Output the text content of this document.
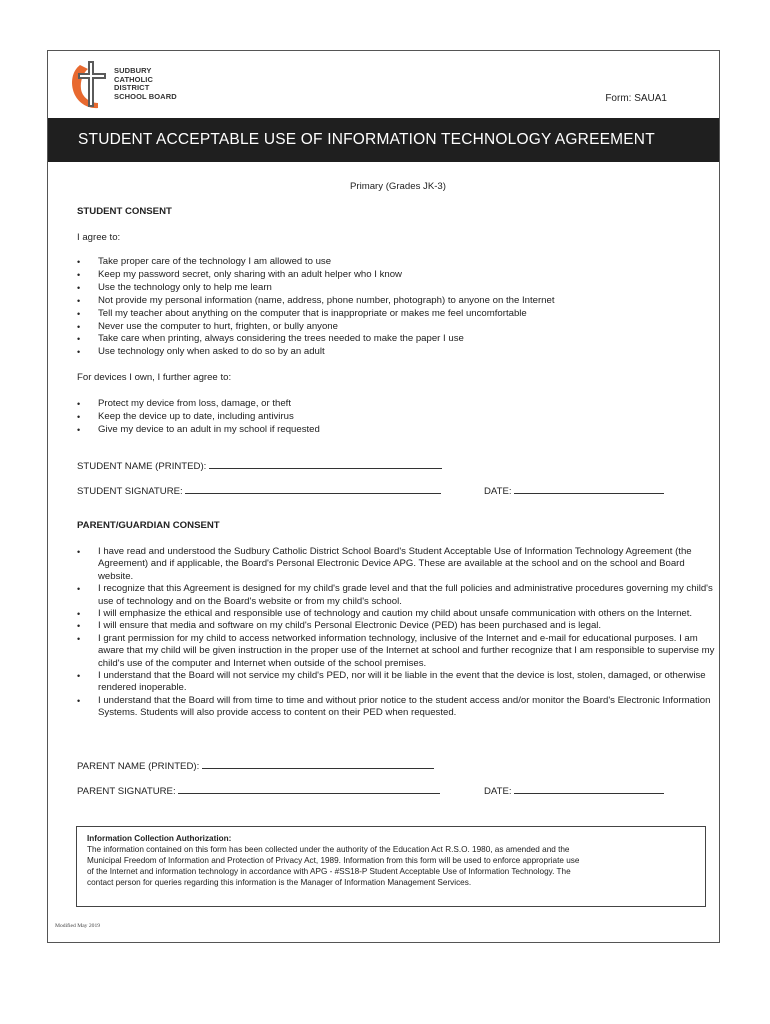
SUDBURY
CATHOLIC
DISTRICT
SCHOOL BOARD	Form: SAUA1
STUDENT ACCEPTABLE USE OF INFORMATION TECHNOLOGY AGREEMENT
Primary (Grades JK-3)
STUDENT CONSENT
I agree to:
• Take proper care of the technology I am allowed to use
• Keep my password secret, only sharing with an adult helper who I know
• Use the technology only to help me learn
• Not provide my personal information (name, address, phone number, photograph) to anyone on the Internet
• Tell my teacher about anything on the computer that is inappropriate or makes me feel uncomfortable
• Never use the computer to hurt, frighten, or bully anyone
• Take care when printing, always considering the trees needed to make the paper I use
• Use technology only when asked to do so by an adult
For devices I own, I further agree to:
• Protect my device from loss, damage, or theft
• Keep the device up to date, including antivirus
• Give my device to an adult in my school if requested
STUDENT NAME (PRINTED):
STUDENT SIGNATURE:	DATE:
PARENT/GUARDIAN CONSENT
• I have read and understood the Sudbury Catholic District School Board's Student Acceptable Use of Information Technology Agreement (the Agreement) and if applicable, the Board's Personal Electronic Device APG. These are available at the school and on the school and Board website.
• I recognize that this Agreement is designed for my child's grade level and that the full policies and administrative procedures governing my child's use of technology and on the Board's website or from my child's school.
• I will emphasize the ethical and responsible use of technology and caution my child about unsafe communication with others on the Internet.
• I will ensure that media and software on my child's Personal Electronic Device (PED) has been purchased and is legal.
• I grant permission for my child to access networked information technology, inclusive of the Internet and e-mail for educational purposes. I am aware that my child will be given instruction in the proper use of the Internet at school and further recognize that I am responsible to supervise my child's use of the computer and Internet when outside of the school premises.
• I understand that the Board will not service my child's PED, nor will it be liable in the event that the device is lost, stolen, damaged, or otherwise rendered inoperable.
• I understand that the Board will from time to time and without prior notice to the student access and/or monitor the Board's Electronic Information Systems. Students will also provide access to content on their PED when requested.
PARENT NAME (PRINTED):
PARENT SIGNATURE:	DATE:
Information Collection Authorization:
The information contained on this form has been collected under the authority of the Education Act R.S.O. 1980, as amended and the
Municipal Freedom of Information and Protection of Privacy Act, 1989. Information from this form will be used to enforce appropriate use
of the Internet and information technology in accordance with APG - #SS18-P Student Acceptable Use of Information Technology. The
contact person for queries regarding this information is the Manager of Information Management Services.
Modified May 2019
